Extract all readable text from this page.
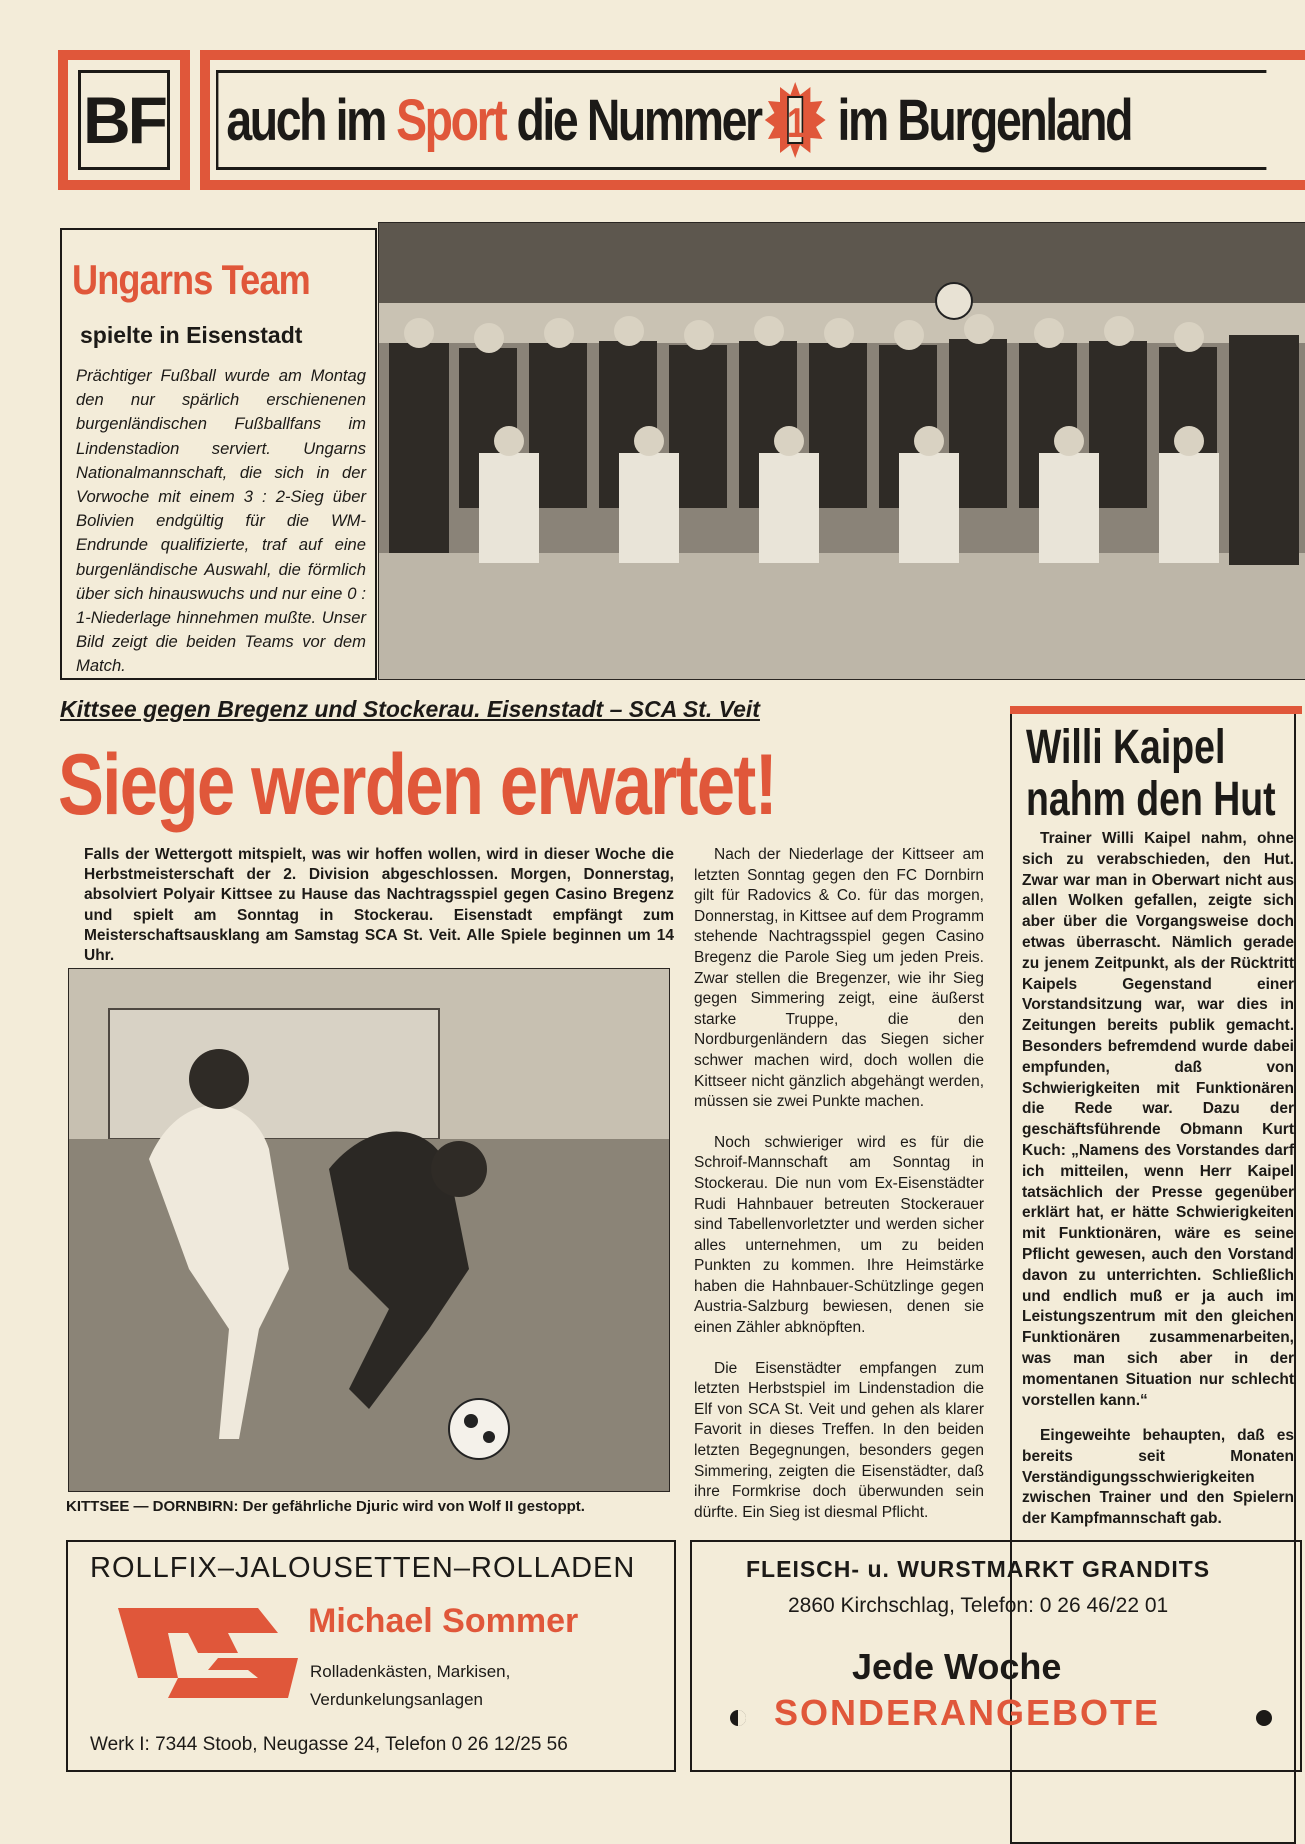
BF auch im Sport die Nummer 1 im Burgenland
Ungarns Team
spielte in Eisenstadt

Prächtiger Fußball wurde am Montag den nur spärlich erschienenen burgenländischen Fußballfans im Lindenstadion serviert. Ungarns Nationalmannschaft, die sich in der Vorwoche mit einem 3 : 2-Sieg über Bolivien endgültig für die WM-Endrunde qualifizierte, traf auf eine burgenländische Auswahl, die förmlich über sich hinauswuchs und nur eine 0 : 1-Niederlage hinnehmen mußte. Unser Bild zeigt die beiden Teams vor dem Match.

Kittsee gegen Bregenz und Stockerau. Eisenstadt – SCA St. Veit
Siege werden erwartet!
Falls der Wettergott mitspielt, was wir hoffen wollen, wird in dieser Woche die Herbstmeisterschaft der 2. Division abgeschlossen. Morgen, Donnerstag, absolviert Polyair Kittsee zu Hause das Nachtragsspiel gegen Casino Bregenz und spielt am Sonntag in Stockerau. Eisenstadt empfängt zum Meisterschaftsausklang am Samstag SCA St. Veit. Alle Spiele beginnen um 14 Uhr.
KITTSEE — DORNBIRN: Der gefährliche Djuric wird von Wolf II gestoppt.

Nach der Niederlage der Kittseer am letzten Sonntag gegen den FC Dornbirn gilt für Radovics & Co. für das morgen, Donnerstag, in Kittsee auf dem Programm stehende Nachtragsspiel gegen Casino Bregenz die Parole Sieg um jeden Preis. Zwar stellen die Bregenzer, wie ihr Sieg gegen Simmering zeigt, eine äußerst starke Truppe, die den Nordburgenländern das Siegen sicher schwer machen wird, doch wollen die Kittseer nicht gänzlich abgehängt werden, müssen sie zwei Punkte machen.

Noch schwieriger wird es für die Schroif-Mannschaft am Sonntag in Stockerau. Die nun vom Ex-Eisenstädter Rudi Hahnbauer betreuten Stockerauer sind Tabellenvorletzter und werden sicher alles unternehmen, um zu beiden Punkten zu kommen. Ihre Heimstärke haben die Hahnbauer-Schützlinge gegen Austria-Salzburg bewiesen, denen sie einen Zähler abknöpften.

Die Eisenstädter empfangen zum letzten Herbstspiel im Lindenstadion die Elf von SCA St. Veit und gehen als klarer Favorit in dieses Treffen. In den beiden letzten Begegnungen, besonders gegen Simmering, zeigten die Eisenstädter, daß ihre Formkrise doch überwunden sein dürfte. Ein Sieg ist diesmal Pflicht.

Willi Kaipel
nahm den Hut

Trainer Willi Kaipel nahm, ohne sich zu verabschieden, den Hut. Zwar war man in Oberwart nicht aus allen Wolken gefallen, zeigte sich aber über die Vorgangsweise doch etwas überrascht. Nämlich gerade zu jenem Zeitpunkt, als der Rücktritt Kaipels Gegenstand einer Vorstandsitzung war, war dies in Zeitungen bereits publik gemacht. Besonders befremdend wurde dabei empfunden, daß von Schwierigkeiten mit Funktionären die Rede war. Dazu der geschäftsführende Obmann Kurt Kuch: „Namens des Vorstandes darf ich mitteilen, wenn Herr Kaipel tatsächlich der Presse gegenüber erklärt hat, er hätte Schwierigkeiten mit Funktionären, wäre es seine Pflicht gewesen, auch den Vorstand davon zu unterrichten. Schließlich und endlich muß er ja auch im Leistungszentrum mit den gleichen Funktionären zusammenarbeiten, was man sich aber in der momentanen Situation nur schlecht vorstellen kann.“

Eingeweihte behaupten, daß es bereits seit Monaten Verständigungsschwierigkeiten zwischen Trainer und den Spielern der Kampfmannschaft gab.

ROLLFIX–JALOUSETTEN–ROLLADEN
Michael Sommer
Rolladenkästen, Markisen,
Verdunkelungsanlagen
Werk I: 7344 Stoob, Neugasse 24, Telefon 0 26 12/25 56
FLEISCH- u. WURSTMARKT GRANDITS
2860 Kirchschlag, Telefon: 0 26 46/22 01
Jede Woche
SONDERANGEBOTE
